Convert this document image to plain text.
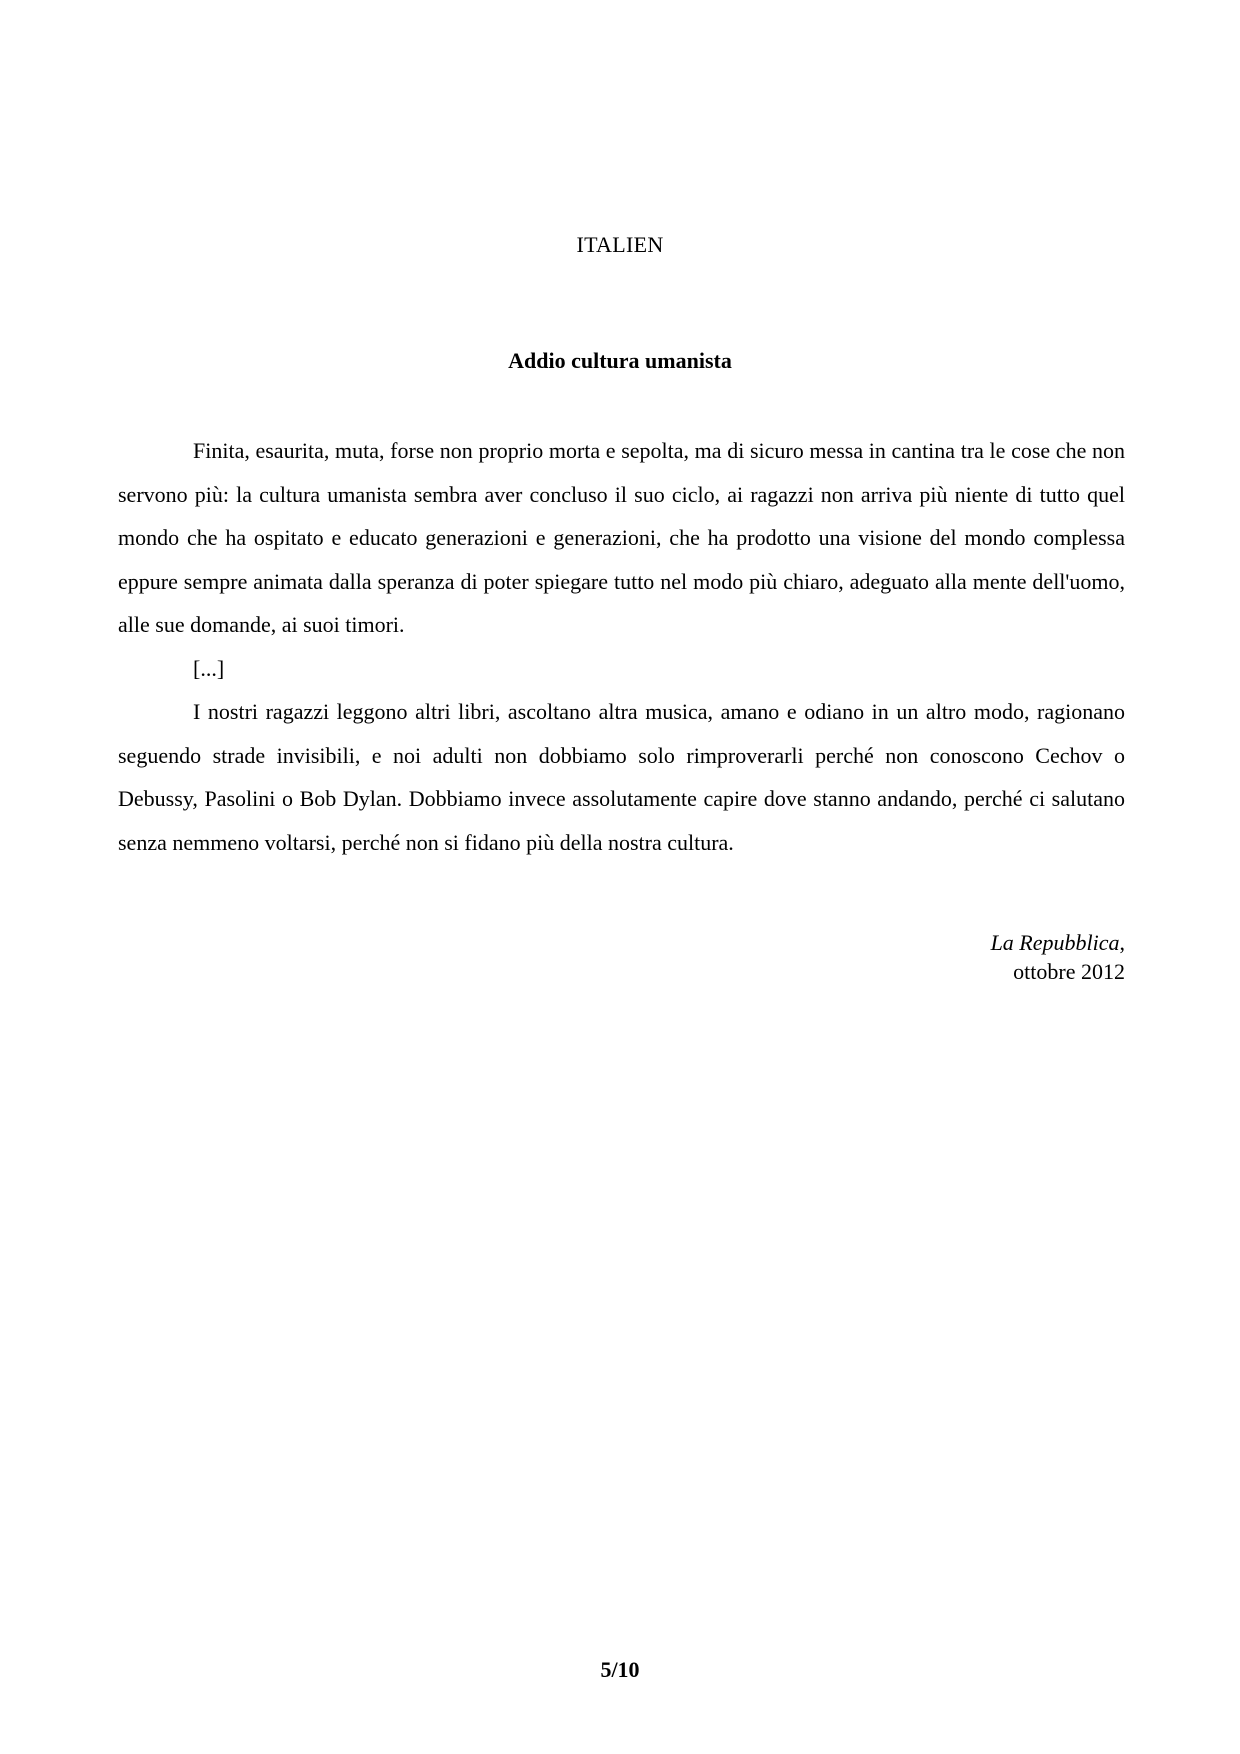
ITALIEN
Addio cultura umanista

Finita, esaurita, muta, forse non proprio morta e sepolta, ma di sicuro messa in cantina tra le cose che non servono più: la cultura umanista sembra aver concluso il suo ciclo, ai ragazzi non arriva più niente di tutto quel mondo che ha ospitato e educato generazioni e generazioni, che ha prodotto una visione del mondo complessa eppure sempre animata dalla speranza di poter spiegare tutto nel modo più chiaro, adeguato alla mente dell'uomo, alle sue domande, ai suoi timori.

[...]

I nostri ragazzi leggono altri libri, ascoltano altra musica, amano e odiano in un altro modo, ragionano seguendo strade invisibili, e noi adulti non dobbiamo solo rimproverarli perché non conoscono Cechov o Debussy, Pasolini o Bob Dylan. Dobbiamo invece assolutamente capire dove stanno andando, perché ci salutano senza nemmeno voltarsi, perché non si fidano più della nostra cultura.

La Repubblica,
ottobre 2012
5/10
